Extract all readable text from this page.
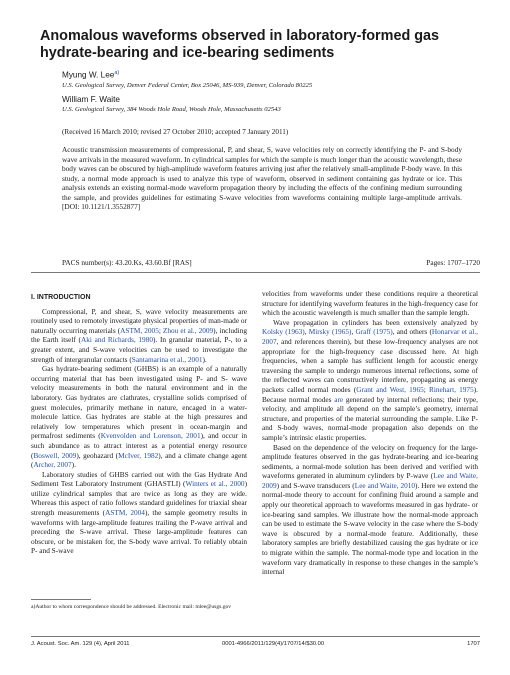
Anomalous waveforms observed in laboratory-formed gas hydrate-bearing and ice-bearing sediments
Myung W. Lee$^{a)}$
U.S. Geological Survey, Denver Federal Center, Box 25046, MS-939, Denver, Colorado 80225
William F. Waite
U.S. Geological Survey, 384 Woods Hole Road, Woods Hole, Massachusetts 02543
(Received 16 March 2010; revised 27 October 2010; accepted 7 January 2011)

Acoustic transmission measurements of compressional, P, and shear, S, wave velocities rely on correctly identifying the P- and S-body wave arrivals in the measured waveform. In cylindrical samples for which the sample is much longer than the acoustic wavelength, these body waves can be obscured by high-amplitude waveform features arriving just after the relatively small-amplitude P-body wave. In this study, a normal mode approach is used to analyze this type of waveform, observed in sediment containing gas hydrate or ice. This analysis extends an existing normal-mode waveform propagation theory by including the effects of the confining medium surrounding the sample, and provides guidelines for estimating S-wave velocities from waveforms containing multiple large-amplitude arrivals. [DOI: 10.1121/1.3552877]

PACS number(s): 43.20.Ks, 43.60.Bf [RAS]	Pages: 1707–1720
I. INTRODUCTION

Compressional, P, and shear, S, wave velocity measurements are routinely used to remotely investigate physical properties of man-made or naturally occurring materials (ASTM, 2005; Zhou et al., 2009), including the Earth itself (Aki and Richards, 1980). In granular material, P-, to a greater extent, and S-wave velocities can be used to investigate the strength of intergranular contacts (Santamarina et al., 2001).

Gas hydrate-bearing sediment (GHBS) is an example of a naturally occurring material that has been investigated using P- and S- wave velocity measurements in both the natural environment and in the laboratory. Gas hydrates are clathrates, crystalline solids comprised of guest molecules, primarily methane in nature, encaged in a water-molecule lattice. Gas hydrates are stable at the high pressures and relatively low temperatures which present in ocean-margin and permafrost sediments (Kvenvolden and Lorenson, 2001), and occur in such abundance as to attract interest as a potential energy resource (Boswell, 2009), geohazard (McIver, 1982), and a climate change agent (Archer, 2007).

Laboratory studies of GHBS carried out with the Gas Hydrate And Sediment Test Laboratory Instrument (GHASTLI) (Winters et al., 2000) utilize cylindrical samples that are twice as long as they are wide. Whereas this aspect of ratio follows standard guidelines for triaxial shear strength measurements (ASTM, 2004), the sample geometry results in waveforms with large-amplitude features trailing the P-wave arrival and preceding the S-wave arrival. These large-amplitude features can obscure, or be mistaken for, the S-body wave arrival. To reliably obtain P- and S-wave

velocities from waveforms under these conditions require a theoretical structure for identifying waveform features in the high-frequency case for which the acoustic wavelength is much smaller than the sample length.

Wave propagation in cylinders has been extensively analyzed by Kolsky (1963), Mirsky (1965), Graff (1975), and others (Honarvar et al., 2007, and references therein), but these low-frequency analyses are not appropriate for the high-frequency case discussed here. At high frequencies, when a sample has sufficient length for acoustic energy traversing the sample to undergo numerous internal reflections, some of the reflected waves can constructively interfere, propagating as energy packets called normal modes (Grant and West, 1965; Rinehart, 1975). Because normal modes are generated by internal reflections; their type, velocity, and amplitude all depend on the sample’s geometry, internal structure, and properties of the material surrounding the sample. Like P- and S-body waves, normal-mode propagation also depends on the sample’s intrinsic elastic properties.

Based on the dependence of the velocity on frequency for the large-amplitude features observed in the gas hydrate-bearing and ice-bearing sediments, a normal-mode solution has been derived and verified with waveforms generated in aluminum cylinders by P-wave (Lee and Waite, 2009) and S-wave transducers (Lee and Waite, 2010). Here we extend the normal-mode theory to account for confining fluid around a sample and apply our theoretical approach to waveforms measured in gas hydrate- or ice-bearing sand samples. We illustrate how the normal-mode approach can be used to estimate the S-wave velocity in the case where the S-body wave is obscured by a normal-mode feature. Additionally, these laboratory samples are briefly destabilized causing the gas hydrate or ice to migrate within the sample. The normal-mode type and location in the waveform vary dramatically in response to these changes in the sample’s internal

a)Author to whom correspondence should be addressed. Electronic mail: mlee@usgs.gov
J. Acoust. Soc. Am. 129 (4), April 2011	0001-4966/2011/129(4)/1707/14/$30.00	1707
